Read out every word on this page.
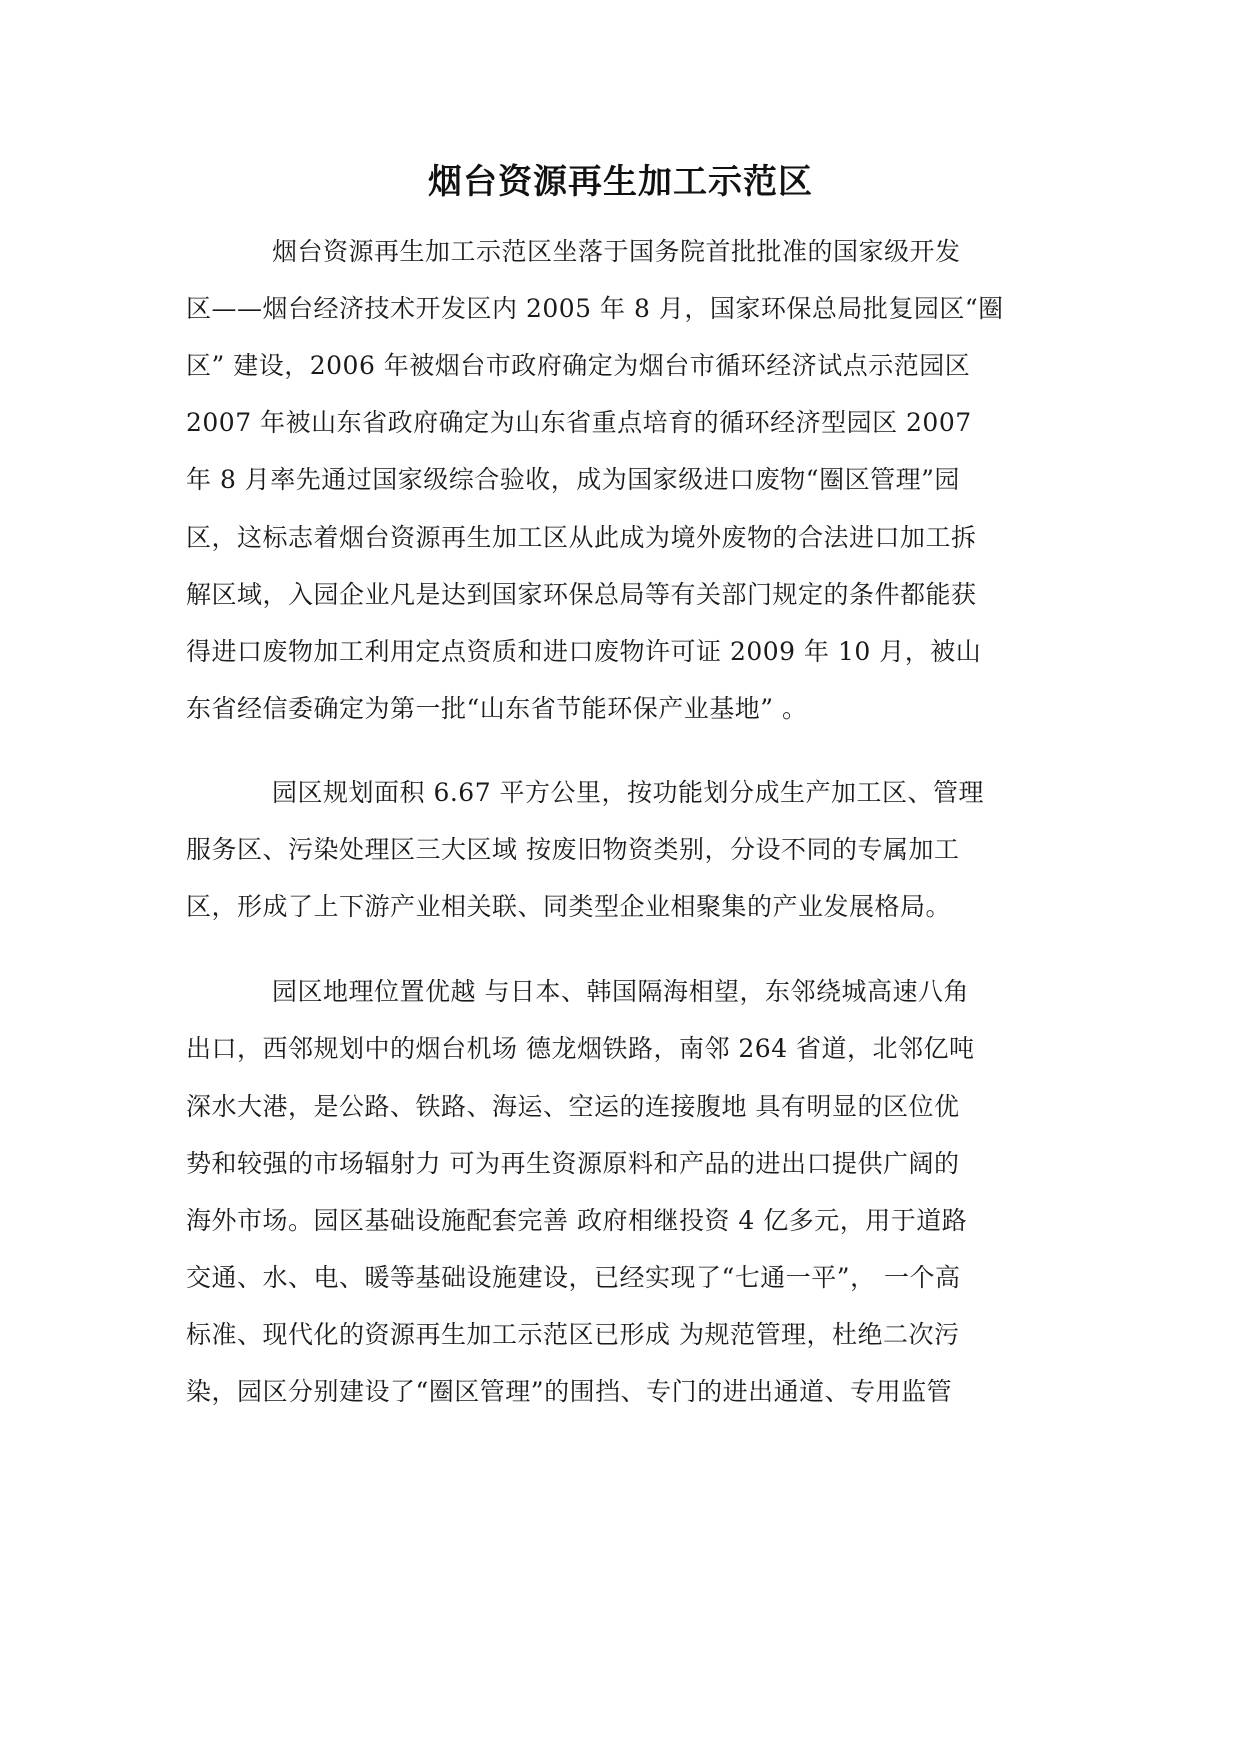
烟台资源再生加工示范区
烟台资源再生加工示范区坐落于国务院首批批准的国家级开发
区——烟台经济技术开发区内 2005 年 8 月，国家环保总局批复园区“圈
区” 建设，2006 年被烟台市政府确定为烟台市循环经济试点示范园区
2007 年被山东省政府确定为山东省重点培育的循环经济型园区 2007
年 8 月率先通过国家级综合验收，成为国家级进口废物“圈区管理”园
区，这标志着烟台资源再生加工区从此成为境外废物的合法进口加工拆
解区域，入园企业凡是达到国家环保总局等有关部门规定的条件都能获
得进口废物加工利用定点资质和进口废物许可证 2009 年 10 月，被山
东省经信委确定为第一批“山东省节能环保产业基地” 。
园区规划面积 6.67 平方公里，按功能划分成生产加工区、管理
服务区、污染处理区三大区域 按废旧物资类别，分设不同的专属加工
区，形成了上下游产业相关联、同类型企业相聚集的产业发展格局。
园区地理位置优越 与日本、韩国隔海相望，东邻绕城高速八角
出口，西邻规划中的烟台机场 德龙烟铁路，南邻 264 省道，北邻亿吨
深水大港，是公路、铁路、海运、空运的连接腹地 具有明显的区位优
势和较强的市场辐射力 可为再生资源原料和产品的进出口提供广阔的
海外市场。园区基础设施配套完善 政府相继投资 4 亿多元，用于道路
交通、水、电、暖等基础设施建设，已经实现了“七通一平”， 一个高
标准、现代化的资源再生加工示范区已形成 为规范管理，杜绝二次污
染，园区分别建设了“圈区管理”的围挡、专门的进出通道、专用监管
